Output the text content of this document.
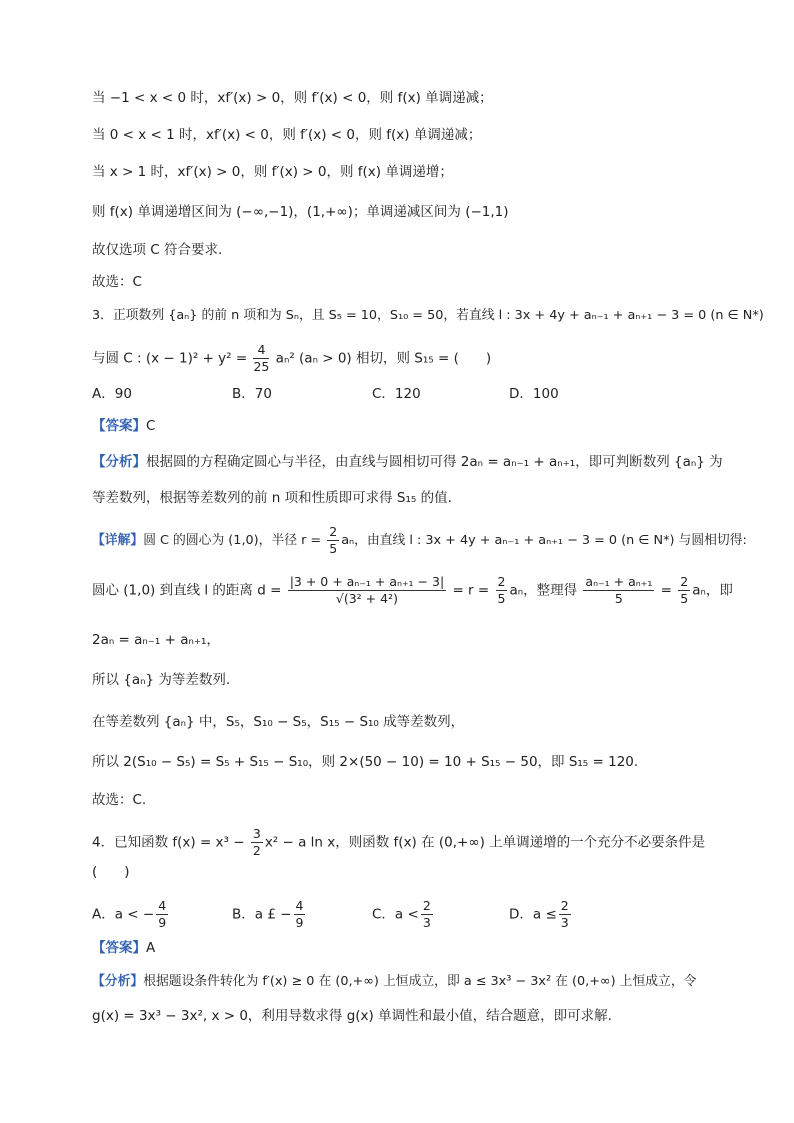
当 −1 < x < 0 时，xf′(x) > 0，则 f′(x) < 0，则 f(x) 单调递减；
当 0 < x < 1 时，xf′(x) < 0，则 f′(x) < 0，则 f(x) 单调递减；
当 x > 1 时，xf′(x) > 0，则 f′(x) > 0，则 f(x) 单调递增；
则 f(x) 单调递增区间为 (−∞,−1)，(1,+∞)；单调递减区间为 (−1,1)
故仅选项 C 符合要求.
故选：C
3．正项数列 {aₙ} 的前 n 项和为 Sₙ，且 S₅ = 10，S₁₀ = 50，若直线 l : 3x + 4y + aₙ₋₁ + aₙ₊₁ − 3 = 0 (n ∈ N*)
与圆 C : $(x - 1)^2 + y^2 = \frac{4}{25} a_n^2$ (aₙ > 0) 相切，则 S₁₅ = (　　)
A．90	B．70	C．120	D．100
【答案】C
【分析】根据圆的方程确定圆心与半径，由直线与圆相切可得 2aₙ = aₙ₋₁ + aₙ₊₁，即可判断数列 {aₙ} 为
等差数列，根据等差数列的前 n 项和性质即可求得 S₁₅ 的值.
【详解】圆 C 的圆心为 (1,0)，半径 $r = \frac{2}{5}$ aₙ，由直线 l : 3x + 4y + aₙ₋₁ + aₙ₊₁ − 3 = 0 (n ∈ N*) 与圆相切得:
圆心 (1,0) 到直线 l 的距离 $d = \frac{\text{|3 + 0 + aₙ₋₁ + aₙ₊₁ − 3|}}{\text{√(3² + 4²)}} = r = \frac{2}{5}$ aₙ，整理得 $\frac{\text{aₙ₋₁ + aₙ₊₁}}{5} = \frac{2}{5}$ aₙ，即
2aₙ = aₙ₋₁ + aₙ₊₁，
所以 {aₙ} 为等差数列.
在等差数列 {aₙ} 中，S₅，S₁₀ − S₅，S₁₅ − S₁₀ 成等差数列，
所以 2(S₁₀ − S₅) = S₅ + S₁₅ − S₁₀，则 2×(50 − 10) = 10 + S₁₅ − 50，即 S₁₅ = 120.
故选：C.
4．已知函数 $f(x) = x^3 - \frac{3}{2} x^2 - a$ ln x，则函数 f(x) 在 (0,+∞) 上单调递增的一个充分不必要条件是
(　　)
A．a < − $\frac{4}{9}$	B．a £ − $\frac{4}{9}$	C．$a < \frac{2}{3}$	D．$a \le \frac{2}{3}$
【答案】A
【分析】根据题设条件转化为 f′(x) ≥ 0 在 (0,+∞) 上恒成立，即 a ≤ 3x³ − 3x² 在 (0,+∞) 上恒成立，令
g(x) = 3x³ − 3x², x > 0，利用导数求得 g(x) 单调性和最小值，结合题意，即可求解.
